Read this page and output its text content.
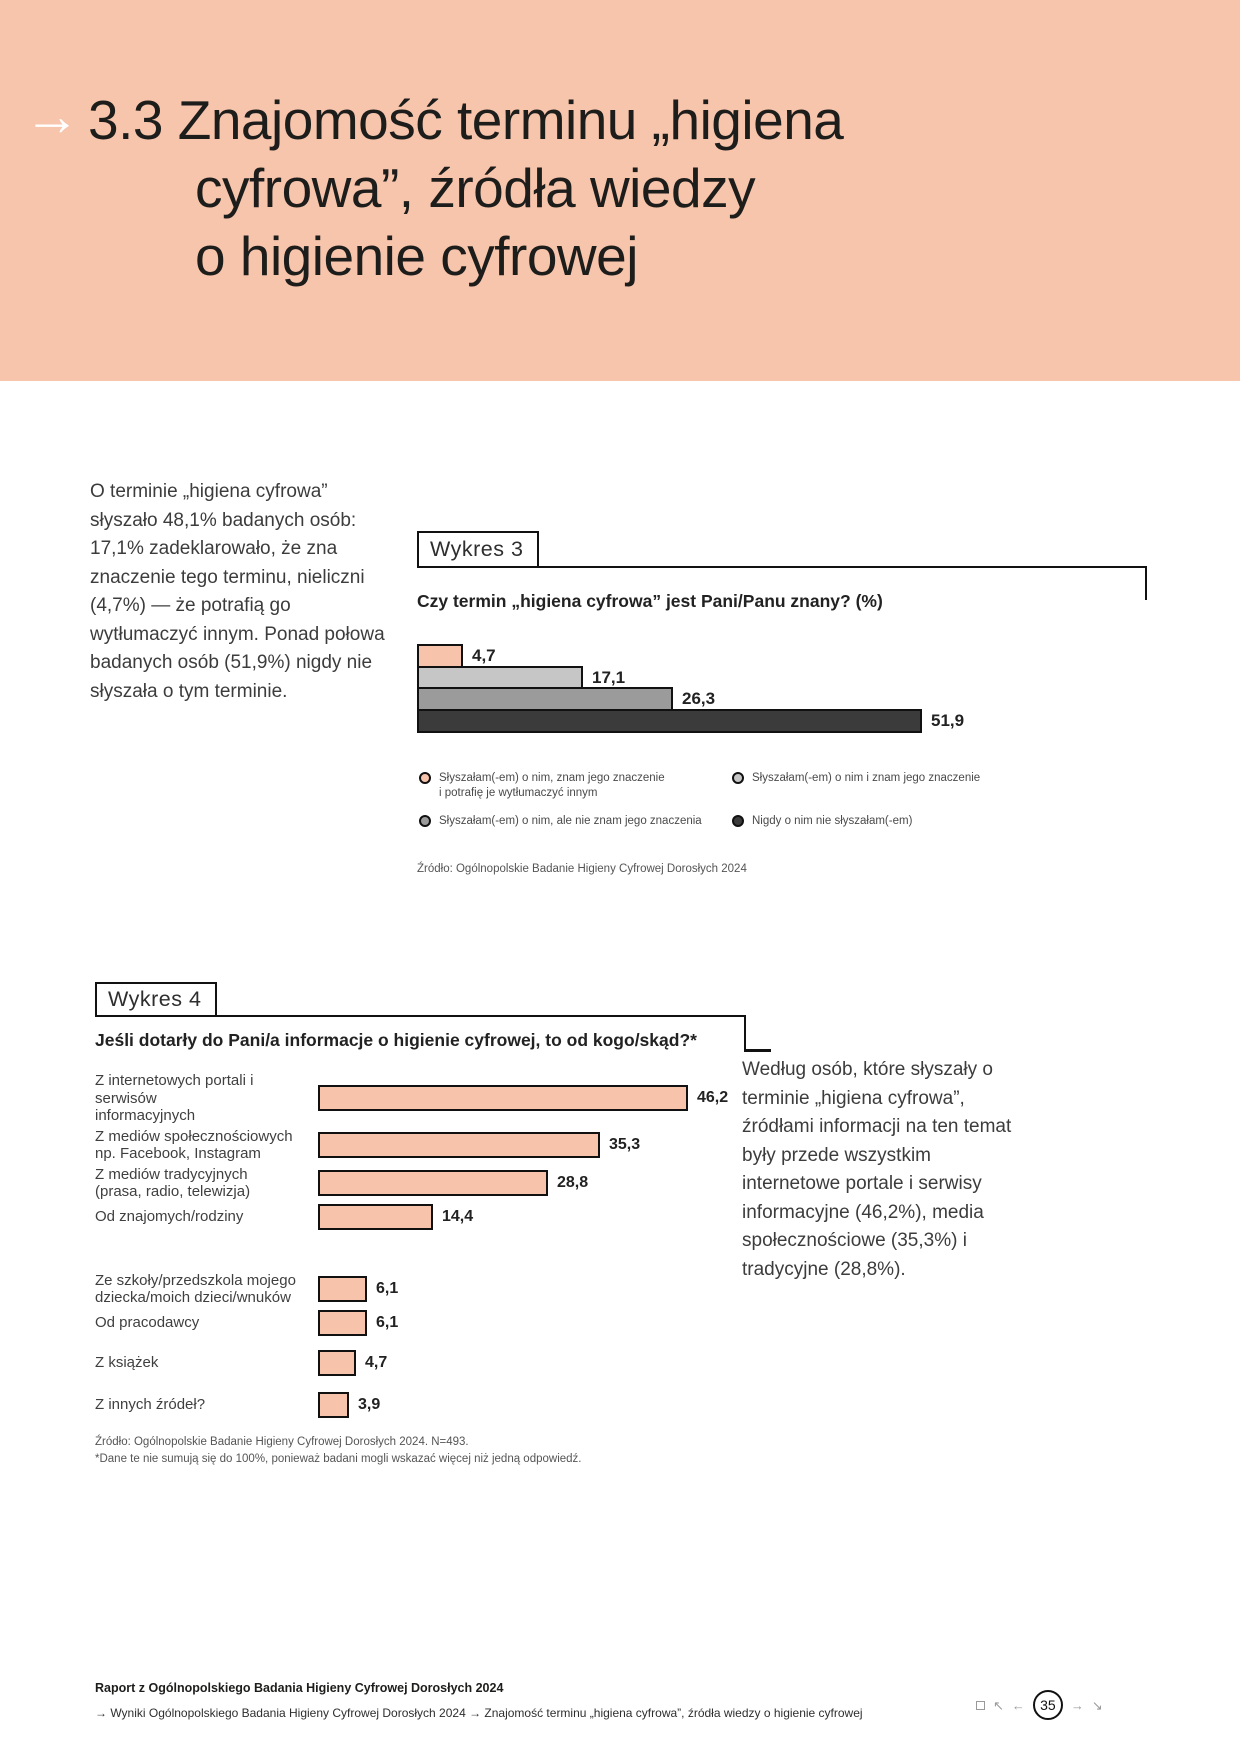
→ 3.3 Znajomość terminu „higiena
cyfrowa”, źródła wiedzy
o higienie cyfrowej
O terminie „higiena cyfrowa” słyszało 48,1% badanych osób: 17,1% zadeklarowało, że zna znaczenie tego terminu, nieliczni (4,7%) — że potrafią go wytłumaczyć innym. Ponad połowa badanych osób (51,9%) nigdy nie słyszała o tym terminie.
Wykres 3
Czy termin „higiena cyfrowa” jest Pani/Panu znany? (%)
4,7
17,1
26,3
51,9
Słyszałam(-em) o nim, znam jego znaczenie
i potrafię je wytłumaczyć innym
Słyszałam(-em) o nim i znam jego znaczenie
Słyszałam(-em) o nim, ale nie znam jego znaczenia	Nigdy o nim nie słyszałam(-em)
Źródło: Ogólnopolskie Badanie Higieny Cyfrowej Dorosłych 2024
Wykres 4
Jeśli dotarły do Pani/a informacje o higienie cyfrowej, to od kogo/skąd?*
Z internetowych portali i serwisów
informacyjnych
46,2
Z mediów społecznościowych
np. Facebook, Instagram
35,3
Z mediów tradycyjnych
(prasa, radio, telewizja)
28,8
Od znajomych/rodziny	14,4
Ze szkoły/przedszkola mojego
dziecka/moich dzieci/wnuków
6,1
Od pracodawcy	6,1
Z książek	4,7
Z innych źródeł?	3,9
Źródło: Ogólnopolskie Badanie Higieny Cyfrowej Dorosłych 2024. N=493.
*Dane te nie sumują się do 100%, ponieważ badani mogli wskazać więcej niż jedną odpowiedź.
Według osób, które słyszały o terminie „higiena cyfrowa”, źródłami informacji na ten temat były przede wszystkim internetowe portale i serwisy informacyjne (46,2%), media społecznościowe (35,3%) i tradycyjne (28,8%).
Raport z Ogólnopolskiego Badania Higieny Cyfrowej Dorosłych 2024
→ Wyniki Ogólnopolskiego Badania Higieny Cyfrowej Dorosłych 2024 → Znajomość terminu „higiena cyfrowa”, źródła wiedzy o higienie cyfrowej
↖ ←	35	→ ↘
